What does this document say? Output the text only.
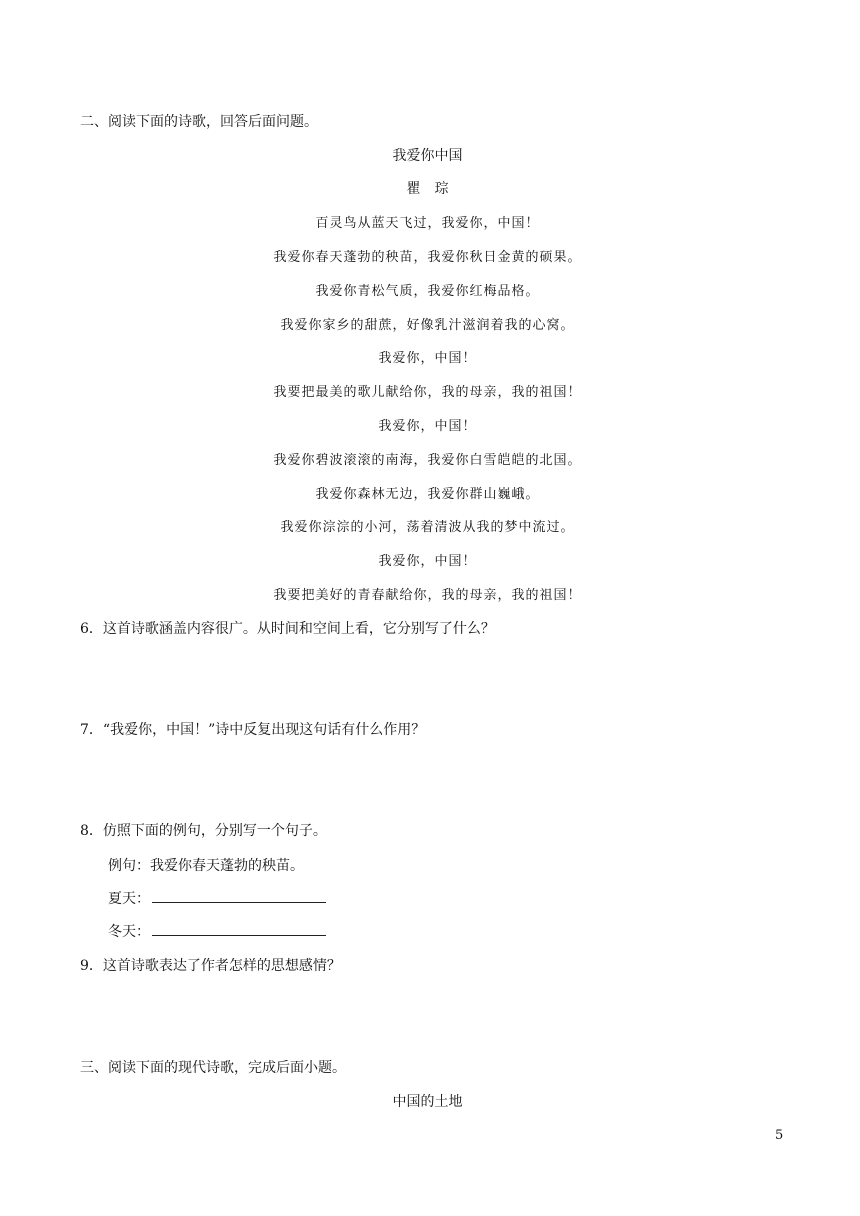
二、阅读下面的诗歌，回答后面问题。
我爱你中国
瞿　琮
百灵鸟从蓝天飞过，我爱你，中国！
我爱你春天蓬勃的秧苗，我爱你秋日金黄的硕果。
我爱你青松气质，我爱你红梅品格。
我爱你家乡的甜蔗，好像乳汁滋润着我的心窝。
我爱你，中国！
我要把最美的歌儿献给你，我的母亲，我的祖国！
我爱你，中国！
我爱你碧波滚滚的南海，我爱你白雪皑皑的北国。
我爱你森林无边，我爱你群山巍峨。
我爱你淙淙的小河，荡着清波从我的梦中流过。
我爱你，中国！
我要把美好的青春献给你，我的母亲，我的祖国！
6．这首诗歌涵盖内容很广。从时间和空间上看，它分别写了什么？
7．“我爱你，中国！”诗中反复出现这句话有什么作用？
8．仿照下面的例句，分别写一个句子。
例句：我爱你春天蓬勃的秧苗。
夏天：
冬天：
9．这首诗歌表达了作者怎样的思想感情？
三、阅读下面的现代诗歌，完成后面小题。
中国的土地
5
